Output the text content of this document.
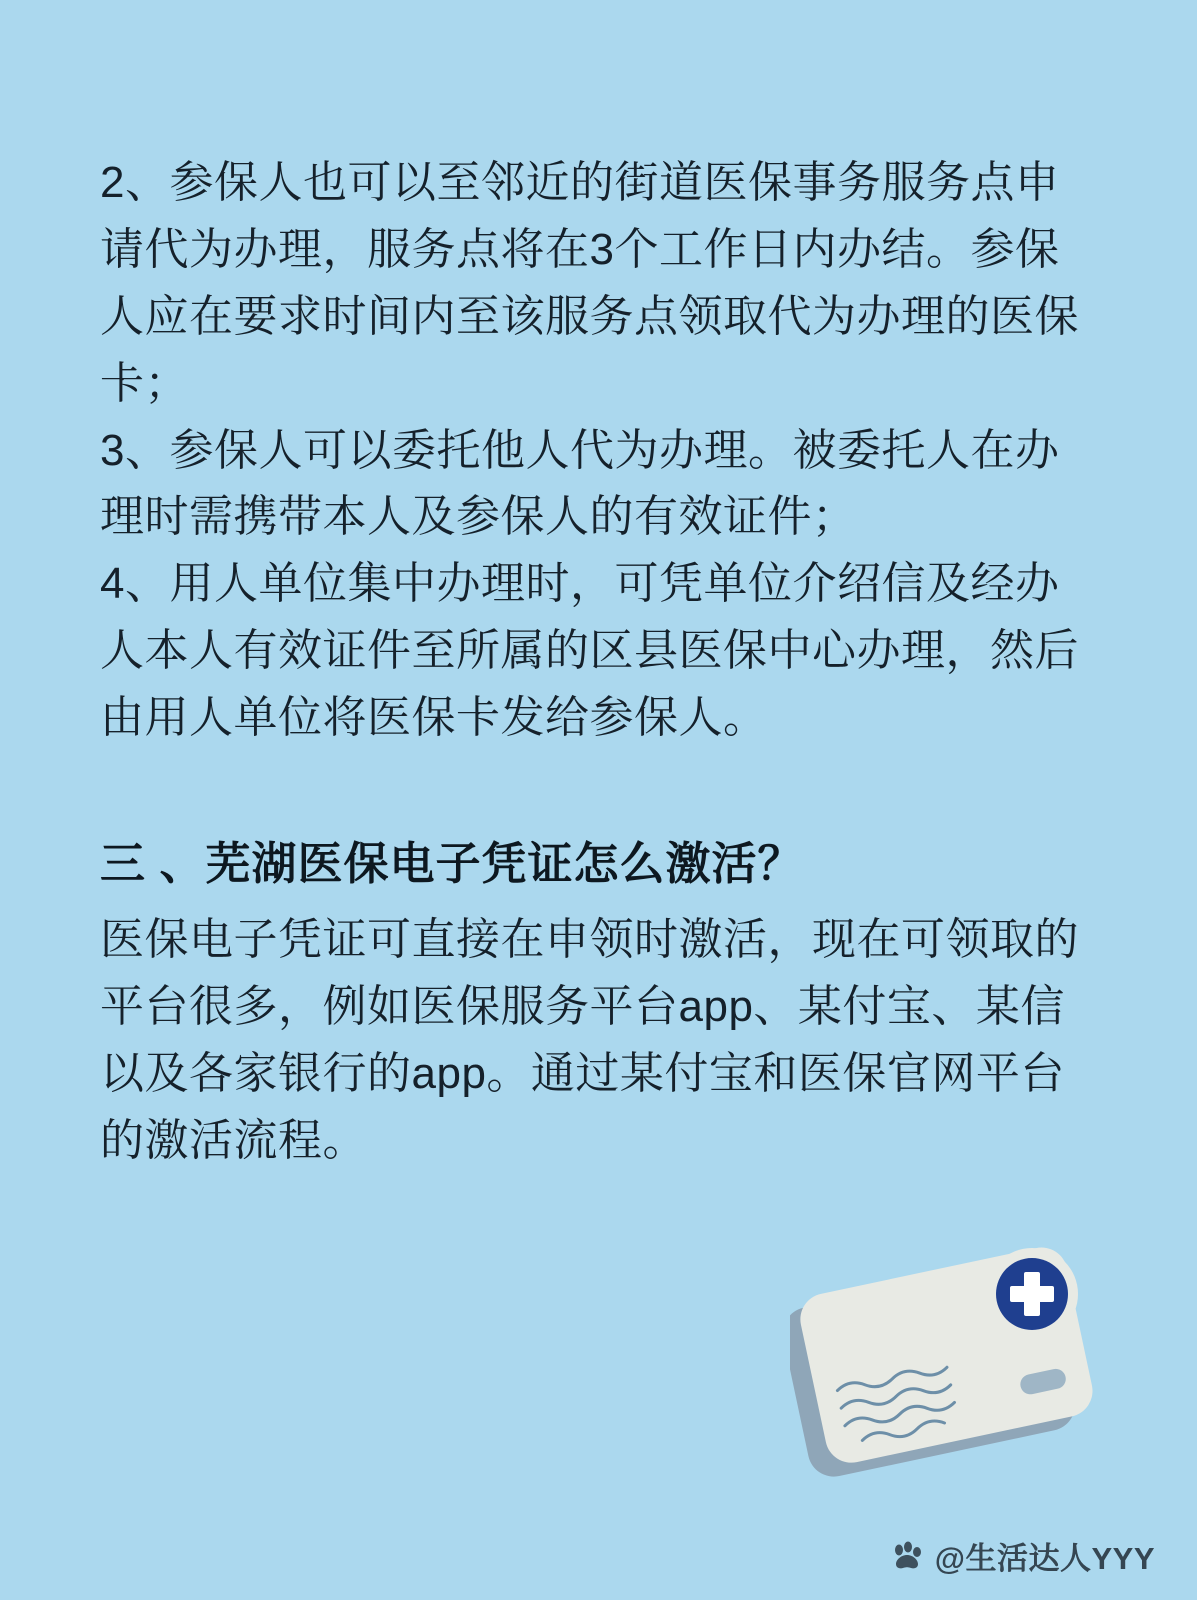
2、参保人也可以至邻近的街道医保事务服务点申请代为办理，服务点将在3个工作日内办结。参保人应在要求时间内至该服务点领取代为办理的医保卡；

3、参保人可以委托他人代为办理。被委托人在办理时需携带本人及参保人的有效证件；

4、用人单位集中办理时，可凭单位介绍信及经办人本人有效证件至所属的区县医保中心办理，然后由用人单位将医保卡发给参保人。

三 、芜湖医保电子凭证怎么激活？

医保电子凭证可直接在申领时激活，现在可领取的平台很多，例如医保服务平台app、某付宝、某信以及各家银行的app。通过某付宝和医保官网平台的激活流程。

@生活达人YYY
